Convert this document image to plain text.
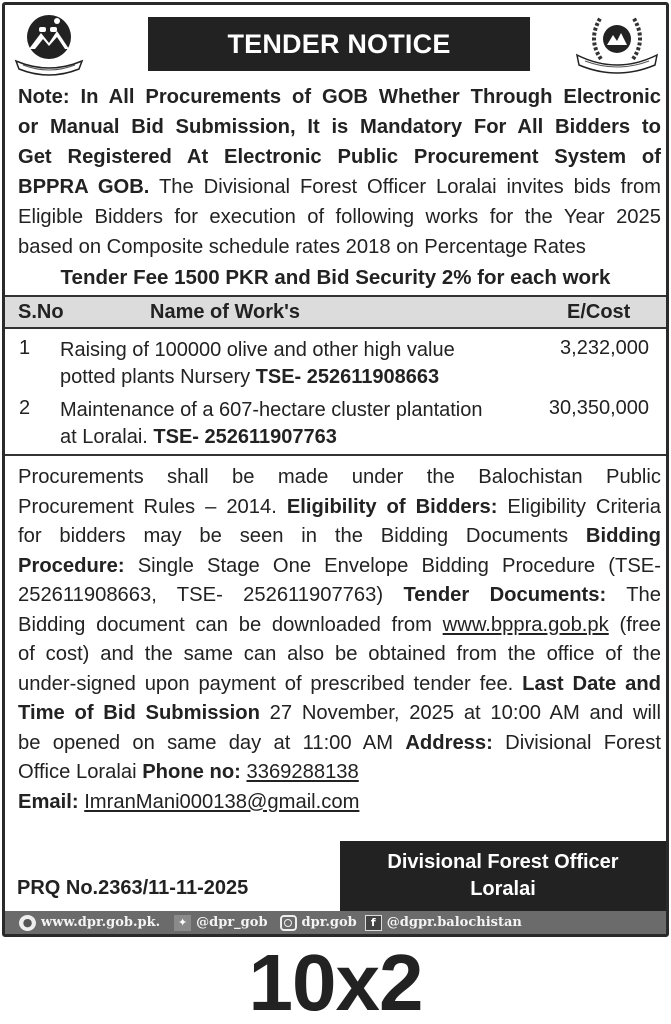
TENDER NOTICE
Note: In All Procurements of GOB Whether Through Electronic
or Manual Bid Submission, It is Mandatory For All Bidders to
Get Registered At Electronic Public Procurement System of
BPPRA GOB. The Divisional Forest Officer Loralai invites bids from
Eligible Bidders for execution of following works for the Year 2025
based on Composite schedule rates 2018 on Percentage Rates
Tender Fee 1500 PKR and Bid Security 2% for each work
S.No	Name of Work's	E/Cost
1 Raising of 100000 olive and other high value
potted plants Nursery TSE- 252611908663
3,232,000
2 Maintenance of a 607-hectare cluster plantation
at Loralai. TSE- 252611907763
30,350,000
Procurements shall be made under the Balochistan Public
Procurement Rules – 2014. Eligibility of Bidders: Eligibility Criteria
for bidders may be seen in the Bidding Documents Bidding
Procedure: Single Stage One Envelope Bidding Procedure (TSE-
252611908663, TSE- 252611907763) Tender Documents: The
Bidding document can be downloaded from www.bppra.gob.pk (free
of cost) and the same can also be obtained from the office of the
under-signed upon payment of prescribed tender fee. Last Date and
Time of Bid Submission 27 November, 2025 at 10:00 AM and will
be opened on same day at 11:00 AM Address: Divisional Forest
Office Loralai Phone no: 3369288138
Email: ImranMani000138@gmail.com
PRQ No.2363/11-11-2025
Divisional Forest Officer
Loralai
● www.dpr.gob.pk.	✦ @dpr_gob	dpr.gob	f @dgpr.balochistan
10x2
